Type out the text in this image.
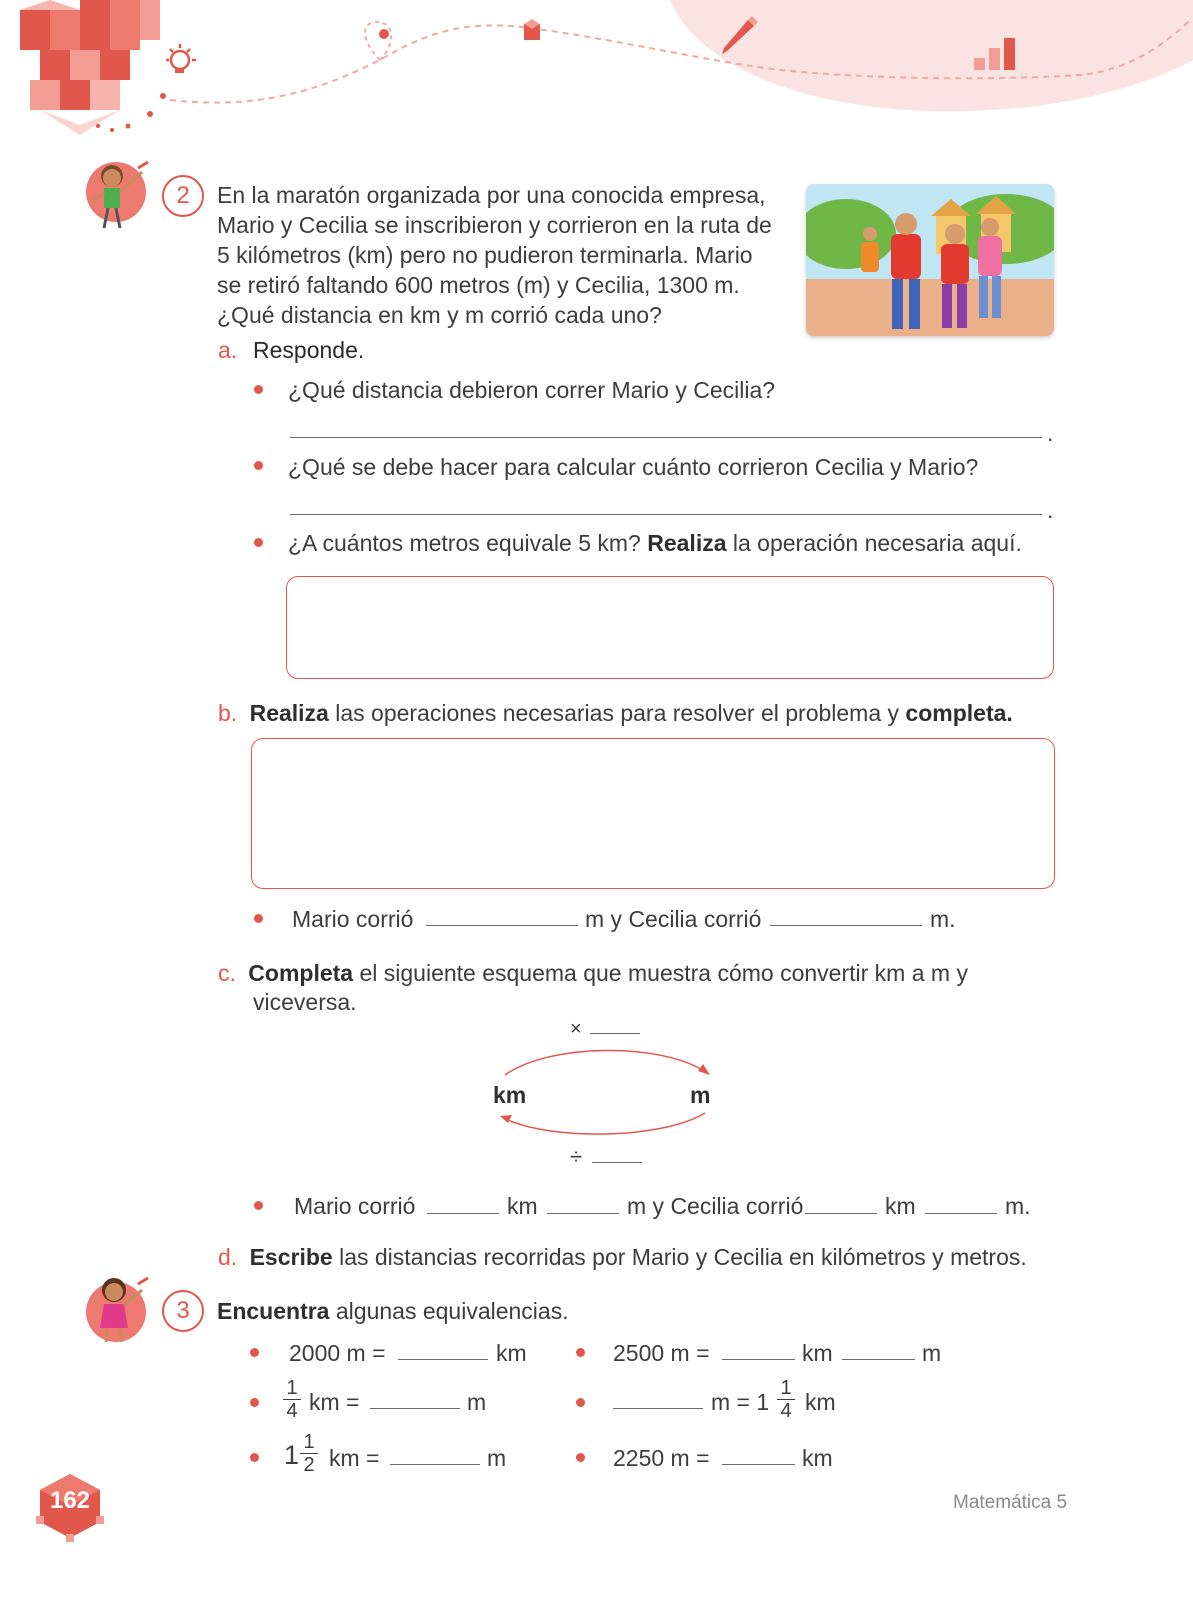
2	En la maratón organizada por una conocida empresa,
Mario y Cecilia se inscribieron y corrieron en la ruta de
5 kilómetros (km) pero no pudieron terminarla. Mario
se retiró faltando 600 metros (m) y Cecilia, 1300 m.
¿Qué distancia en km y m corrió cada uno?
a. Responde.
¿Qué distancia debieron correr Mario y Cecilia?
.
¿Qué se debe hacer para calcular cuánto corrieron Cecilia y Mario?
.
¿A cuántos metros equivale 5 km? Realiza la operación necesaria aquí.
b. Realiza las operaciones necesarias para resolver el problema y completa.
Mario corrió	m y Cecilia corrió	m.
c. Completa el siguiente esquema que muestra cómo convertir km a m y
viceversa.
×
km	m
÷
Mario corrió	km	m y Cecilia corrió	km	m.
d. Escribe las distancias recorridas por Mario y Cecilia en kilómetros y metros.
3	Encuentra algunas equivalencias.
2000 m =	km
1
4 km =	m
1 1
2 km =	m
2500 m =	km	m
m = 1
1
4 km
2250 m =	km
162	Matemática 5
